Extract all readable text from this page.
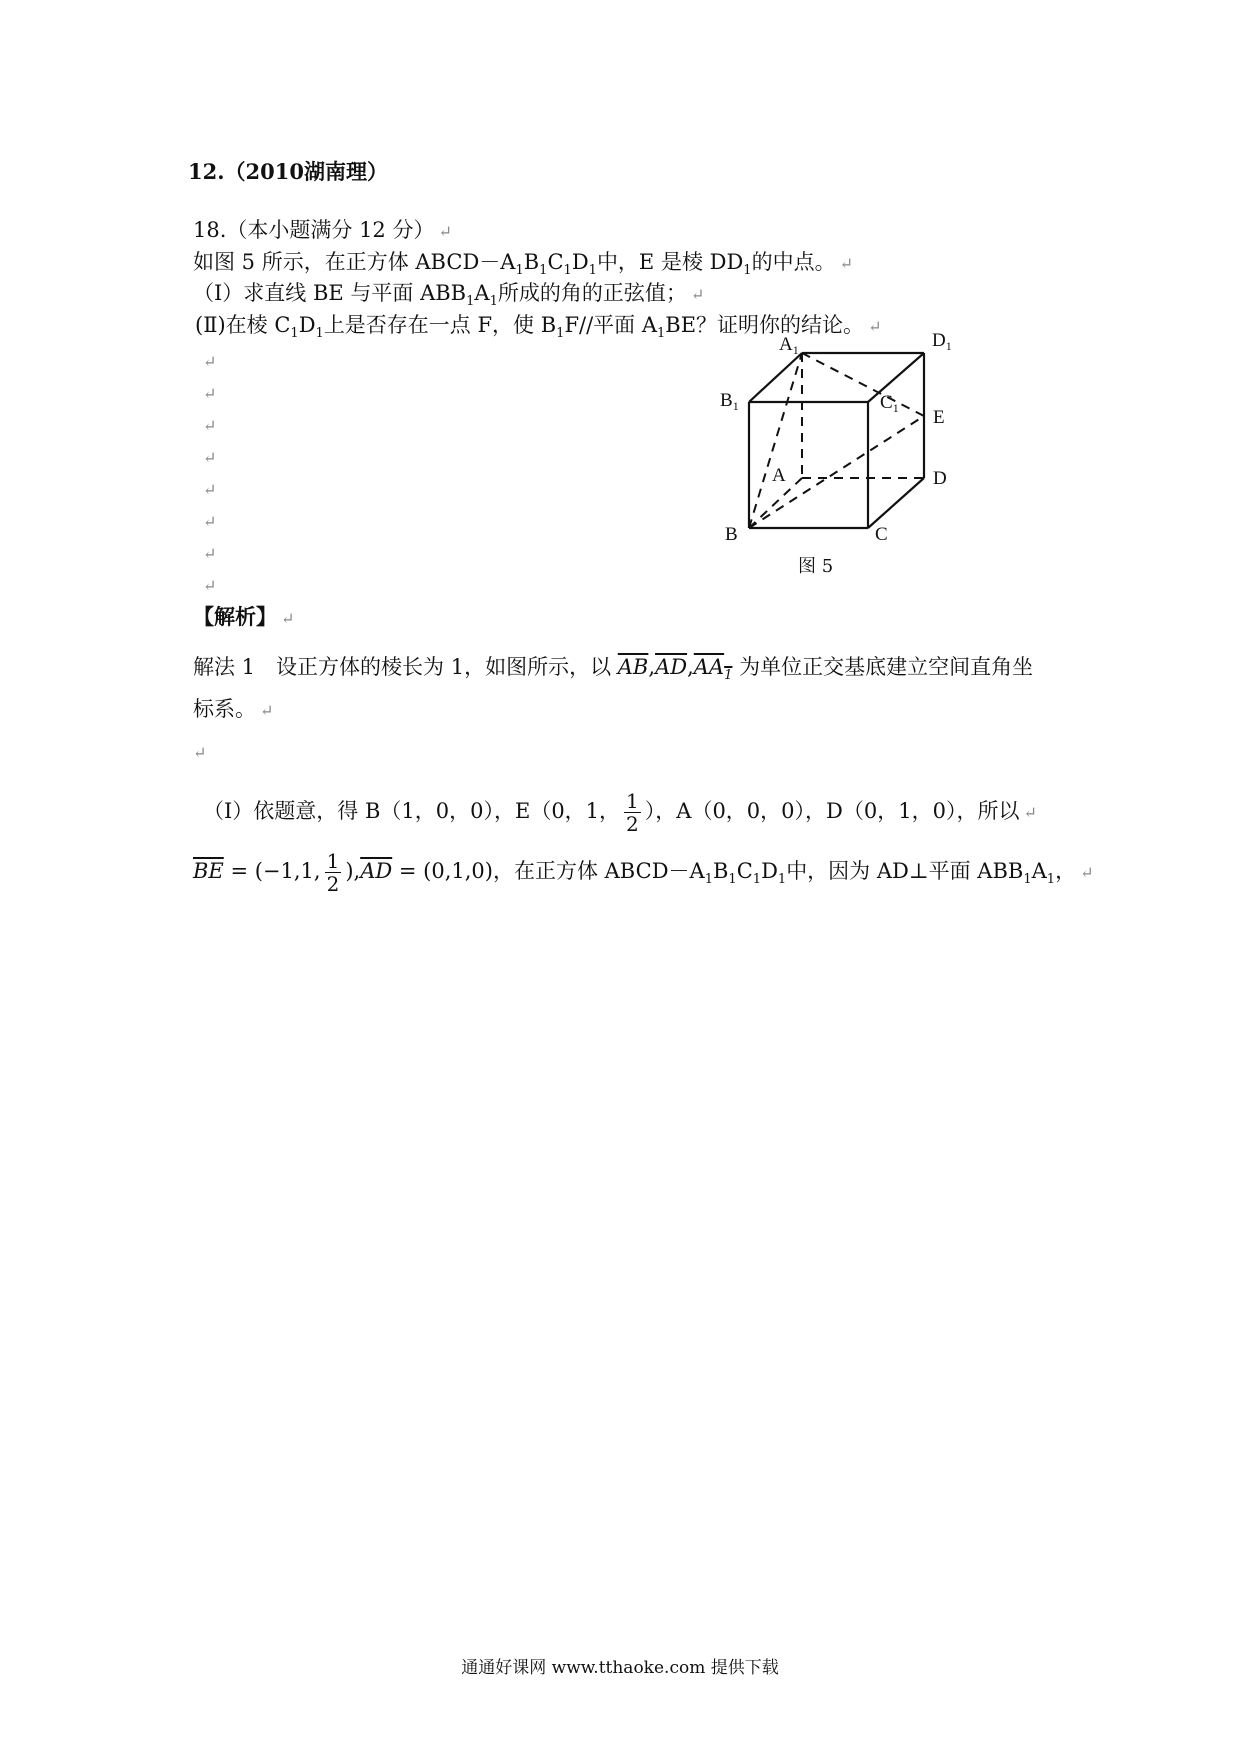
12.（2010湖南理）
18.（本小题满分 12 分） ↵
如图 5 所示，在正方体 $ABCD-A_1B_1C_1D_1$中，E 是棱 $DD_1$的中点。 ↵
（Ⅰ）求直线 BE 与平面 $ABB_1A_1$所成的角的正弦值； ↵
(Ⅱ)在棱 $C_1D_1$上是否存在一点 F，使 $B_1F//$平面 $A_1BE$？证明你的结论。 ↵
↵
↵
↵
↵
↵
↵
↵
↵
$A_1$	$D_1$
$B_1$	$C_1$ E
A	D
B	C
图 5
【解析】 ↵
解法 1　设正方体的棱长为 1，如图所示，以 $\overline{AB},\overline{AD},AA_1$ 为单位正交基底建立空间直角坐
标系。 ↵
↵
（Ⅰ）依题意，得 B（1，0，0），E（0，1， $\frac{1}{2}$ ），A（0，0，0），D（0，1，0），所以 ↵
$\overline{BE} = (-1,1$, $\frac{1}{2} ),\overline{AD} = (0,1,0)$，在正方体 $ABCD-A_1B_1C_1D_1$中，因为 AD⊥平面 $ABB_1A_1$， ↵
通通好课网 www.tthaoke.com 提供下载
